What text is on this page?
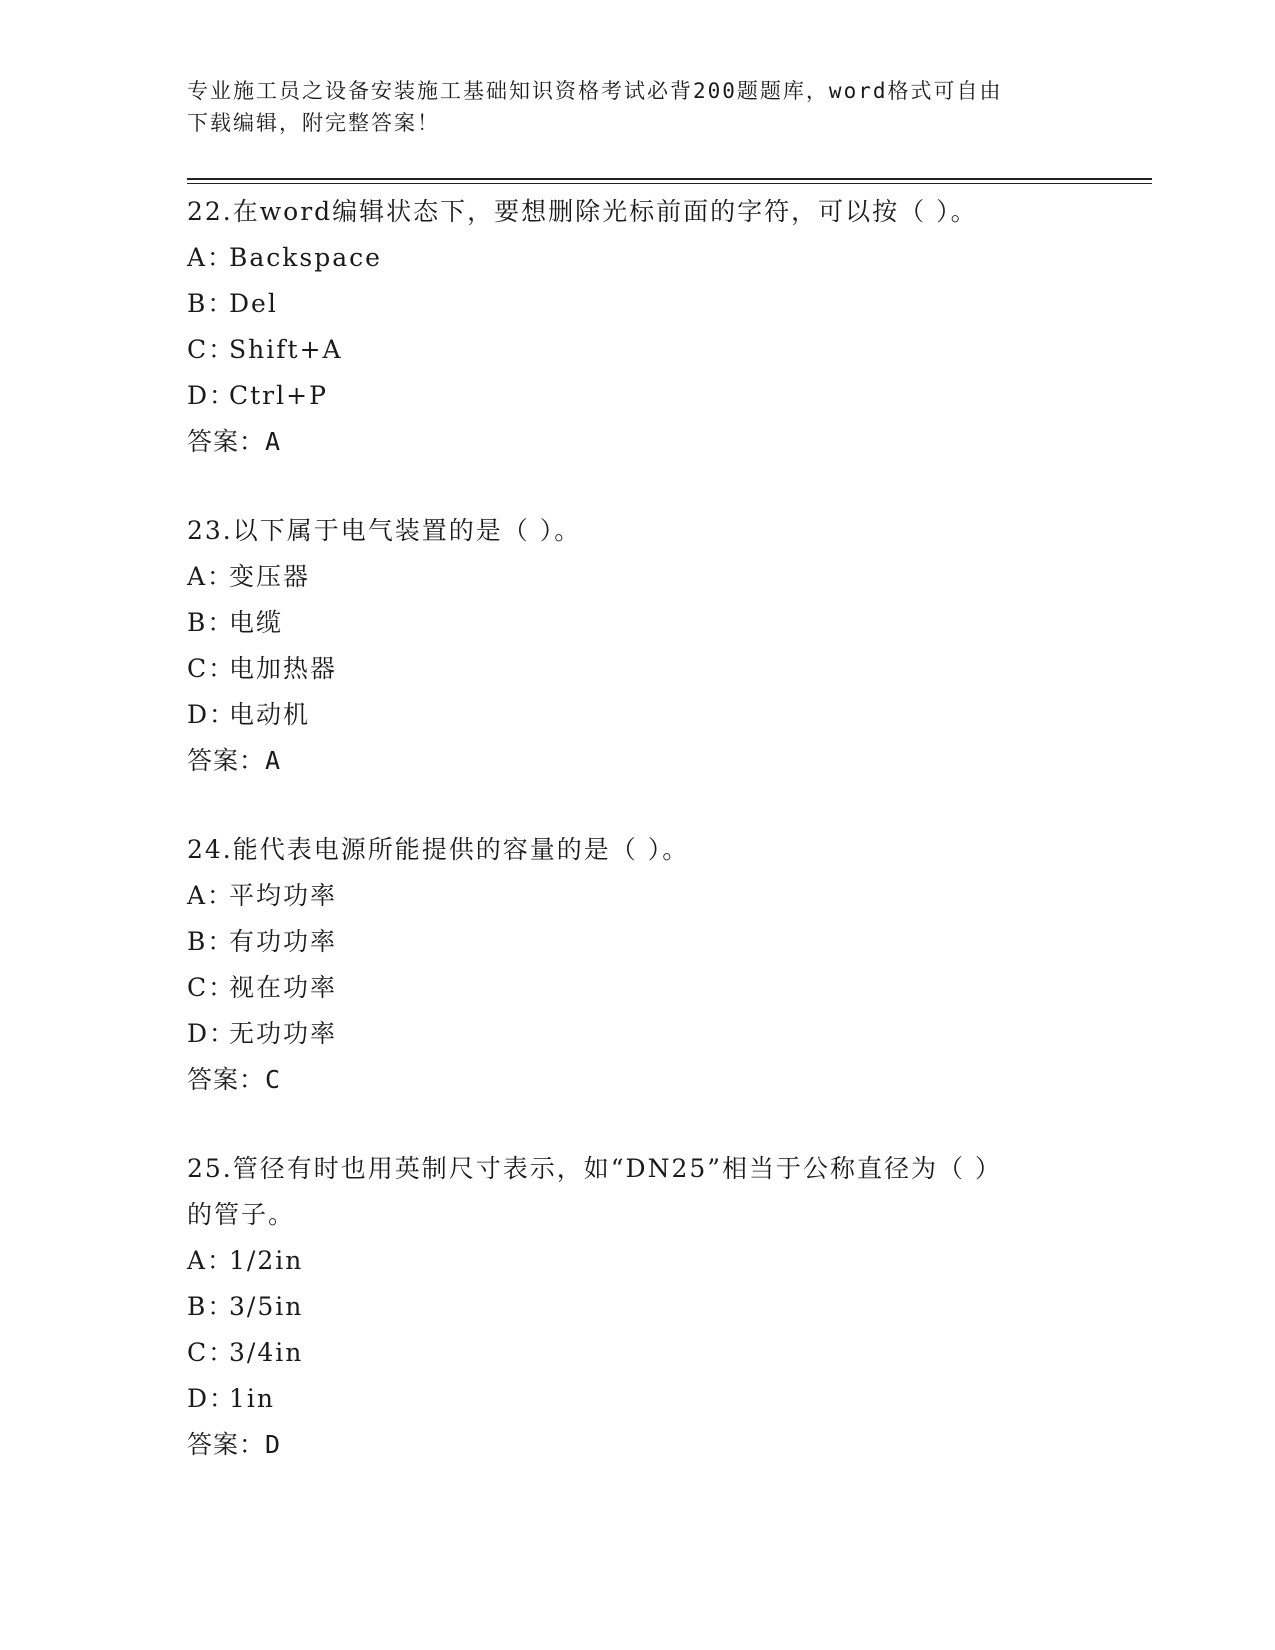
专业施工员之设备安装施工基础知识资格考试必背200题题库，word格式可自由
下载编辑，附完整答案！

22.在word编辑状态下，要想删除光标前面的字符，可以按（ ）。

A：Backspace

B：Del

C：Shift+A

D：Ctrl+P

答案：A

23.以下属于电气装置的是（ ）。

A：变压器

B：电缆

C：电加热器

D：电动机

答案：A

24.能代表电源所能提供的容量的是（ ）。

A：平均功率

B：有功功率

C：视在功率

D：无功功率

答案：C

25.管径有时也用英制尺寸表示，如“DN25”相当于公称直径为（ ）

的管子。

A：1/2in

B：3/5in

C：3/4in

D：1in

答案：D
